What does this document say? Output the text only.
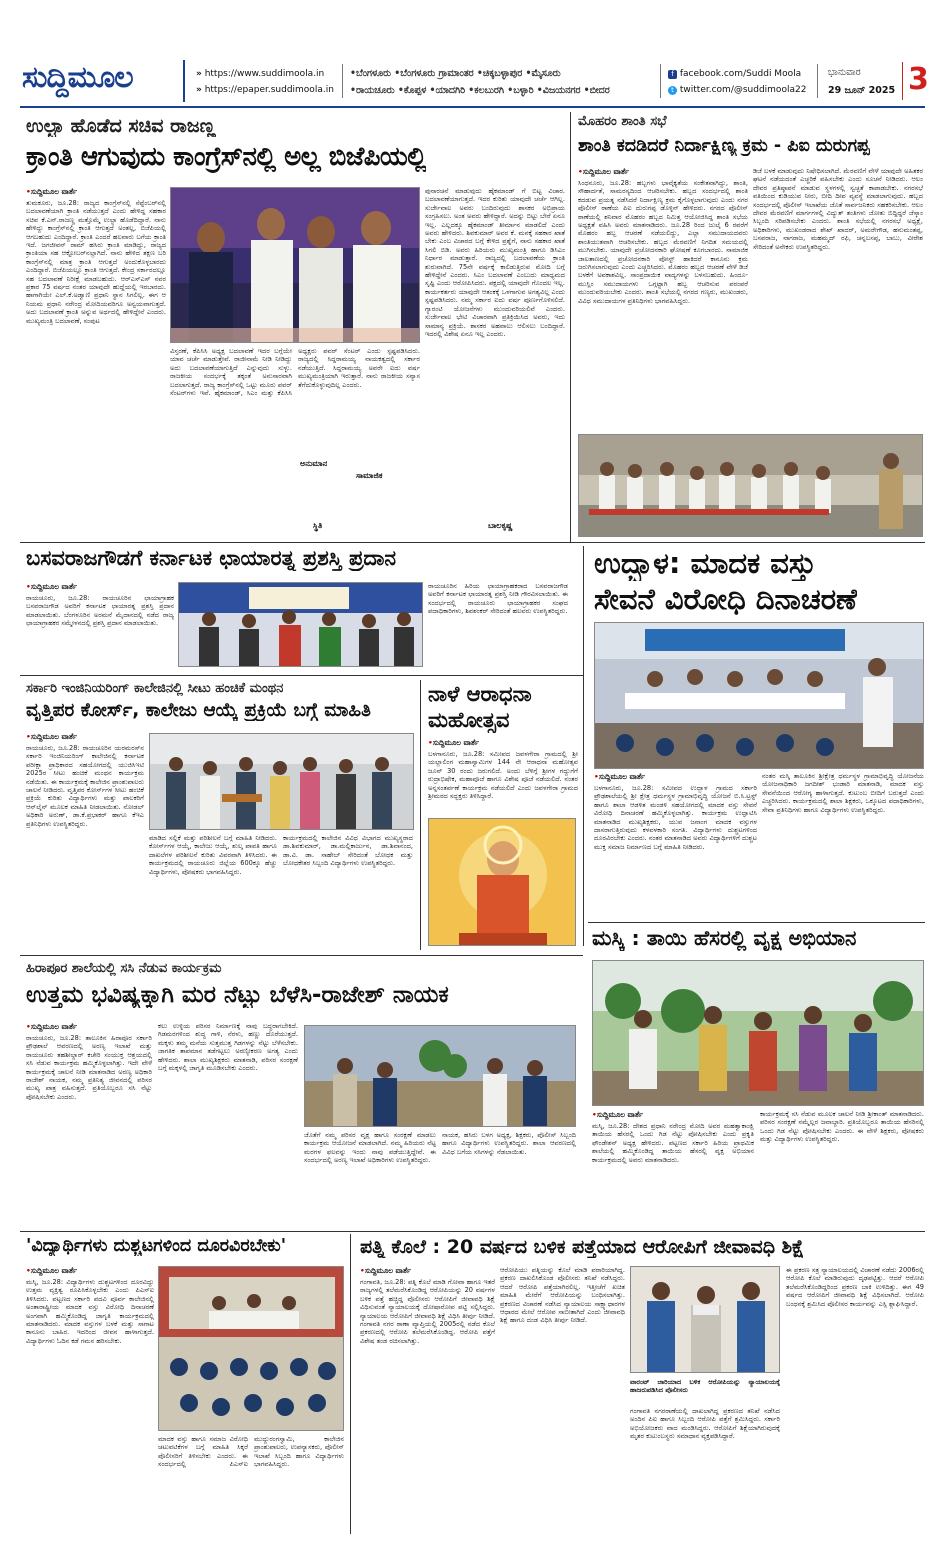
ಸುದ್ದಿಮೂಲ	» https://www.suddimoola.in
» https://epaper.suddimoola.in
•ಬೆಂಗಳೂರು •ಬೆಂಗಳೂರು ಗ್ರಾಮಾಂತರ •ಚಿಕ್ಕಬಳ್ಳಾಪುರ •ಮೈಸೂರು
•ರಾಯಚೂರು •ಕೊಪ್ಪಳ •ಯಾದಗಿರಿ •ಕಲಬುರಗಿ •ಬಳ್ಳಾರಿ •ವಿಜಯನಗರ •ಬೀದರ
f facebook.com/Suddi Moola
t twitter.com/@suddimoola22
ಭಾನುವಾರ
29 ಜೂನ್ 2025 3
ಉಲ್ಟಾ ಹೊಡೆದ ಸಚಿವ ರಾಜಣ್ಣ
ಕ್ರಾಂತಿ ಆಗುವುದು ಕಾಂಗ್ರೆಸ್‌ನಲ್ಲಿ ಅಲ್ಲ ಬಿಜೆಪಿಯಲ್ಲಿ
•ಸುದ್ದಿಮೂಲ ವಾರ್ತೆ
ತುಮಕೂರು, ಜೂ.28: ರಾಜ್ಯದ ಕಾಂಗ್ರೆಸ್‌ನಲ್ಲಿ ಸೆಪ್ಟೆಂಬರ್‌ನಲ್ಲಿ ಬದಲಾವಣೆಯಾಗಿ ಕ್ರಾಂತಿ ನಡೆಯುತ್ತದೆ ಎಂದು ಹೇಳಿದ್ದ ಸಹಕಾರ ಸಚಿವ ಕೆ.ಎನ್.ರಾಜಣ್ಣ ಮತ್ತೊಮ್ಮೆ ಉಲ್ಟಾ ಹೊಡೆದಿದ್ದಾರೆ. ನಾನು ಹೇಳಿದ್ದು ಕಾಂಗ್ರೆಸ್‌ನಲ್ಲಿ ಕ್ರಾಂತಿ ಆಗುತ್ತದೆ ಅಂತಲ್ಲ, ಬಿಜೆಪಿಯಲ್ಲಿ ಆಗಬಹುದು ಎಂದಿದ್ದಾರೆ. ಕ್ರಾಂತಿ ಎಂದರೆ ಹಲವಾರು ಬಗೆಯ ಕ್ರಾಂತಿ ಇದೆ. ಜಗಜೀವನ್ ರಾಮ್ ಹಸಿರು ಕ್ರಾಂತಿ ಮಾಡಿದ್ದು, ರಾಜ್ಯದ ಕ್ರಾಂತಿಯಾ ಸಹ ಆಕ್ಟೋಬರ್‌ನಲ್ಲಾಗಿದೆ. ನಾನು ಹೇಳಿದ ತಕ್ಷಣ ಬರಿ ಕಾಂಗ್ರೆಸ್‌ನಲ್ಲಿ ಮಾತ್ರ ಕ್ರಾಂತಿ ಆಗುತ್ತದೆ ಅಂದುಕೊಳ್ಳಬಾರದು ಎಂದಿದ್ದಾರೆ. ಬಿಜೆಪಿಯಲ್ಲೂ ಕ್ರಾಂತಿ ಆಗುತ್ತದೆ. ಕೇಂದ್ರ ಸರ್ಕಾರದಲ್ಲೂ ಸಹ ಬದಲಾವಣೆ ನಿರೀಕ್ಷೆ ಮಾಡಬಹುದು. ಆರ್‌ಎಸ್‌ಎಸ್ ನವರ ಪ್ರಕಾರ 75 ವರ್ಷದ ನಂತರ ಯಾವುದೇ ಹುದ್ದೆಯಲ್ಲಿ ಇರಬಾರದು. ಹಾಗಾಗಿಯೇ ಎಲ್.ಕೆ.ಅಡ್ವಾಣಿ ಪ್ರಧಾನಿ ಸ್ಥಾನ ಸಿಗಲಿಲ್ಲ. ಈಗ ಆ ನಿಯಮ ಪ್ರಧಾನಿ ನರೇಂದ್ರ ಮೋದಿಯವರಿಗೂ ಅನ್ವಯವಾಗುತ್ತದೆ. ಅದು ಬದಲಾವಣೆ ಕ್ರಾಂತಿ ಅನ್ನುವ ಅರ್ಥದಲ್ಲಿ ಹೇಳಿದ್ದೇನೆ ಎಂದರು. ಮುಖ್ಯಮಂತ್ರಿ ಬದಲಾವಣೆ, ಸಂಪುಟ
ಪುನಾರಚನೆ ಮಾಡುವುದು ಹೈಕಮಾಂಡ್ ಗೆ ಬಿಟ್ಟ ವಿಚಾರ. ಬದಲಾವಣೆಯಾಗುತ್ತದೆ. ಇದರ ಕುರಿತು ಯಾವುದೇ ಚರ್ಚೆ ಆಗಿಲ್ಲ. ಸುರ್ಜೇವಾಲ ಅವರು ಬಂದಿರುವುದು ಶಾಸಕರ ಅಭಿಪ್ರಾಯ ಸಂಗ್ರಹಿಸಲು. ಅಂತ ಅವರು ಹೇಳಿದ್ದಾರೆ. ಅದನ್ನು ಬಿಟ್ಟು ಬೇರೆ ಏನೂ ಇಲ್ಲ. ಎಲ್ಲದಕ್ಕೂ ಹೈಕಮಾಂಡ್ ತೀರ್ಮಾನ ಮಾಡಲಿದೆ ಎಂದು ಅವರು ಹೇಳಿದರು. ಶಿವಕುಮಾರ್ ಅವರ ಕೆ. ಮನಕ್ಕೆ ಸಹಕಾರ ಖಾತೆ ಬೇಕು ಎಂಬ ವಿಚಾರದ ಬಗ್ಗೆ ಕೇಳಿದ ಪ್ರಶ್ನೆಗೆ, ನಾನು ಸಹಕಾರ ಖಾತೆ ಸಿಗಲಿ ಬಿಡಿ. ಅವರು ಹಿರಿಯರು ಮುಖ್ಯಮಂತ್ರಿ ಹಾಗೂ ಡಿಸಿಎಂ ನಿರ್ಧಾರ ಮಾಡುತ್ತಾರೆ. ರಾಜ್ಯದಲ್ಲಿ ಬದಲಾವಣೆಯ ಕ್ರಾಂತಿ ಶುರುವಾಗಿದೆ. 75ನೇ ವರ್ಷಕ್ಕೆ ಕಾಲಿಡುತ್ತಿರುವ ಮೋದಿ ಬಗ್ಗೆ ಹೇಳಿದ್ದೇನೆ ಎಂದರು. ಸಿಎಂ ಬದಲಾವಣೆ ಎಂಬುದು ಮಾಧ್ಯಮದ ಸೃಷ್ಟಿ ಎಂದು ಆರೋಪಿಸಿದರು. ಪಕ್ಷದಲ್ಲಿ ಯಾವುದೇ ಗೊಂದಲ ಇಲ್ಲ. ಕಾರ್ಯಕರ್ತರು ಯಾವುದೇ ಆತಂಕಕ್ಕೆ ಒಳಗಾಗುವ ಅಗತ್ಯವಿಲ್ಲ ಎಂದು ಸ್ಪಷ್ಟಪಡಿಸಿದರು. ನಮ್ಮ ಸರ್ಕಾರ ಐದು ವರ್ಷ ಪೂರ್ಣಗೊಳಿಸಲಿದೆ. ಗ್ಯಾರಂಟಿ ಯೋಜನೆಗಳು ಮುಂದುವರಿಯಲಿವೆ ಎಂದರು. ಸುರ್ಜೇವಾಲ ಭೇಟಿ ವಿಚಾರವಾಗಿ ಪ್ರತಿಕ್ರಿಯಿಸಿದ ಅವರು, ಇದು ಸಾಮಾನ್ಯ ಪ್ರಕ್ರಿಯೆ. ಶಾಸಕರ ಅಹವಾಲು ಆಲಿಸಲು ಬಂದಿದ್ದಾರೆ. ಇದರಲ್ಲಿ ವಿಶೇಷ ಏನೂ ಇಲ್ಲ ಎಂದರು.
ವಿಸ್ತರಣೆ, ಕೆಪಿಸಿಸಿ ಅಧ್ಯಕ್ಷ ಬದಲಾವಣೆ ಇದರ ಬಗ್ಗೆಯೇ ಯಾವ ಚರ್ಚೆ ಮಾಡುತ್ತೇವೆ. ರಾಜೀನಾಮೆ ನೀಡಿ ನೀಡಿದ್ದು ಅದು ಬದಲಾವಣೆಯಾಗುತ್ತಿದೆ ಎನ್ನುವುದು ಸುಳ್ಳು. ರಾಜಕೀಯ ಸಂದರ್ಭಕ್ಕೆ ತಕ್ಕಂತೆ ಅನುಸಾರವಾಗಿ ಬದಲಾಗುತ್ತದೆ. ರಾಜ್ಯ ಕಾಂಗ್ರೆಸ್‌ನಲ್ಲಿ ಒಟ್ಟು ಮೂರು ಪವರ್ ಸೆಂಟರ್‌ಗಳು ಇವೆ. ಹೈಕಮಾಂಡ್, ಸಿಎಂ ಮತ್ತು ಕೆಪಿಸಿಸಿ ಅಧ್ಯಕ್ಷರು ಪವರ್ ಸೆಂಟರ್ ಎಂದು ಸ್ಪಷ್ಟಪಡಿಸಿದರು. ರಾಜ್ಯದಲ್ಲಿ ಸಿದ್ದರಾಮಯ್ಯ ನಾಯಕತ್ವದಲ್ಲಿ ಸರ್ಕಾರ ನಡೆಯುತ್ತಿದೆ. ಸಿದ್ದರಾಮಯ್ಯ ಅವರೇ ಐದು ವರ್ಷ ಮುಖ್ಯಮಂತ್ರಿಯಾಗಿ ಇರುತ್ತಾರೆ. ನಾನು ರಾಜಕೀಯ ಸನ್ಯಾಸ ತೆಗೆದುಕೊಳ್ಳುವುದಿಲ್ಲ ಎಂದರು.
ಅನುಮಾನ
ಸಾಮಾಜಿಕ
ಸ್ಥಿತಿ	ಬಾಲಕೃಷ್ಣ
ಮೊಹರಂ ಶಾಂತಿ ಸಭೆ
ಶಾಂತಿ ಕದಡಿದರೆ ನಿರ್ದಾಕ್ಷಿಣ್ಯ ಕ್ರಮ - ಪಿಐ ದುರುಗಪ್ಪ
•ಸುದ್ದಿಮೂಲ ವಾರ್ತೆ
ಸಿಂಧನೂರು, ಜೂ.28: ಹಬ್ಬಗಳು ಭಾವೈಕ್ಯತೆಯ ಸಂಕೇತವಾಗಿದ್ದು, ಶಾಂತಿ, ಸೌಹಾರ್ದತೆ, ಸಾಮರಸ್ಯದಿಂದ ಆಚರಿಸಬೇಕು. ಹಬ್ಬದ ಸಂದರ್ಭದಲ್ಲಿ ಶಾಂತಿ ಕದಡುವ ಪ್ರಯತ್ನ ನಡೆಸಿದರೆ ನಿರ್ದಾಕ್ಷಿಣ್ಯ ಕ್ರಮ ಕೈಗೊಳ್ಳಲಾಗುವುದು ಎಂದು ನಗರ ಪೊಲೀಸ್ ಠಾಣೆಯ ಪಿಐ ದುರುಗಪ್ಪ ಡೊಳ್ಳಿನ್ ಹೇಳಿದರು. ನಗರದ ಪೊಲೀಸ್ ಠಾಣೆಯಲ್ಲಿ ಶನಿವಾರ ಮೊಹರಂ ಹಬ್ಬದ ನಿಮಿತ್ತ ಆಯೋಜಿಸಿದ್ದ ಶಾಂತಿ ಸಭೆಯ ಅಧ್ಯಕ್ಷತೆ ವಹಿಸಿ ಅವರು ಮಾತನಾಡಿದರು. ಜೂ.28 ರಿಂದ ಜುಲೈ 6 ರವರೆಗೆ ಮೊಹರಂ ಹಬ್ಬ ಆಚರಣೆ ನಡೆಯಲಿದ್ದು, ಎಲ್ಲಾ ಸಮುದಾಯದವರು ಶಾಂತಿಯುತವಾಗಿ ಆಚರಿಸಬೇಕು. ಹಬ್ಬದ ಮೆರವಣಿಗೆ ನಿಗದಿತ ಸಮಯದಲ್ಲಿ ಮುಗಿಸಬೇಕು. ಯಾವುದೇ ಪ್ರಚೋದನಕಾರಿ ಘೋಷಣೆ ಕೂಗಬಾರದು. ಸಾಮಾಜಿಕ ಜಾಲತಾಣದಲ್ಲಿ ಪ್ರಚೋದನಕಾರಿ ಪೋಸ್ಟ್ ಹಾಕಿದರೆ ಕಾನೂನು ಕ್ರಮ ಜರುಗಿಸಲಾಗುವುದು ಎಂದು ಎಚ್ಚರಿಸಿದರು. ಮೊಹರಂ ಹಬ್ಬದ ಆಚರಣೆ ವೇಳೆ ಡಿಜೆ ಬಳಕೆಗೆ ಅವಕಾಶವಿಲ್ಲ. ಸಾಂಪ್ರದಾಯಿಕ ವಾದ್ಯಗಳನ್ನು ಬಳಸಬಹುದು. ಹಿಂದೂ-ಮುಸ್ಲಿಂ ಸಮುದಾಯಗಳು ಒಗ್ಗಟ್ಟಾಗಿ ಹಬ್ಬ ಆಚರಿಸುವ ಪರಂಪರೆ ಮುಂದುವರಿಯಬೇಕು ಎಂದರು. ಶಾಂತಿ ಸಭೆಯಲ್ಲಿ ನಗರದ ಗಣ್ಯರು, ಮುಖಂಡರು, ವಿವಿಧ ಸಮುದಾಯಗಳ ಪ್ರತಿನಿಧಿಗಳು ಭಾಗವಹಿಸಿದ್ದರು.
ಡಿಜೆ ಬಳಕೆ ಮಾಡುವುದು ನಿಷೇಧಿಸಲಾಗಿದೆ. ಮೆರವಣಿಗೆ ವೇಳೆ ಯಾವುದೇ ಅಹಿತಕರ ಘಟನೆ ನಡೆಯದಂತೆ ಎಚ್ಚರಿಕೆ ವಹಿಸಬೇಕು ಎಂದು ಸೂಚನೆ ನೀಡಿದರು. ಆಲಂ ದೇವರ ಪ್ರತಿಷ್ಠಾಪನೆ ಮಾಡುವ ಸ್ಥಳಗಳಲ್ಲಿ ಸ್ವಚ್ಛತೆ ಕಾಪಾಡಬೇಕು. ನಗರಸಭೆ ವತಿಯಿಂದ ಕುಡಿಯುವ ನೀರು, ಬೀದಿ ದೀಪ ವ್ಯವಸ್ಥೆ ಮಾಡಲಾಗುವುದು. ಹಬ್ಬದ ಸಂದರ್ಭದಲ್ಲಿ ಪೊಲೀಸ್ ಇಲಾಖೆಯ ಜೊತೆ ಸಾರ್ವಜನಿಕರು ಸಹಕರಿಸಬೇಕು. ಆಲಂ ದೇವರ ಮೆರವಣಿಗೆ ಮಾರ್ಗಗಳಲ್ಲಿ ವಿದ್ಯುತ್ ತಂತಿಗಳು ಜೋತು ಬಿದ್ದಿದ್ದರೆ ಜೆಸ್ಕಾಂ ಸಿಬ್ಬಂದಿ ಸರಿಪಡಿಸಬೇಕು ಎಂದರು. ಶಾಂತಿ ಸಭೆಯಲ್ಲಿ ನಗರಸಭೆ ಅಧ್ಯಕ್ಷೆ, ಅಧಿಕಾರಿಗಳು, ಮುಖಂಡರಾದ ಶೇಖ್ ಖಾದರ್, ಅಮರೇಗೌಡ, ಹನುಮಂತಪ್ಪ, ಬಸವರಾಜ, ನಾಗರಾಜ, ಮಹಮ್ಮದ್ ರಫಿ, ಚನ್ನಬಸಪ್ಪ, ಬಾಬು, ವೀರೇಶ ಸೇರಿದಂತೆ ಅನೇಕರು ಉಪಸ್ಥಿತರಿದ್ದರು.
ಬಸವರಾಜಗೌಡಗೆ ಕರ್ನಾಟಕ ಛಾಯಾರತ್ನ ಪ್ರಶಸ್ತಿ ಪ್ರದಾನ
•ಸುದ್ದಿಮೂಲ ವಾರ್ತೆ
ರಾಯಚೂರು, ಜೂ.28: ರಾಯಚೂರಿನ ಛಾಯಾಗ್ರಾಹಕ ಬಸವರಾಜಗೌಡ ಅವರಿಗೆ ಕರ್ನಾಟಕ ಛಾಯಾರತ್ನ ಪ್ರಶಸ್ತಿ ಪ್ರದಾನ ಮಾಡಲಾಯಿತು. ಬೆಂಗಳೂರಿನ ಅರಮನೆ ಮೈದಾನದಲ್ಲಿ ನಡೆದ ರಾಜ್ಯ ಛಾಯಾಗ್ರಾಹಕರ ಸಮ್ಮೇಳನದಲ್ಲಿ ಪ್ರಶಸ್ತಿ ಪ್ರದಾನ ಮಾಡಲಾಯಿತು.
ರಾಯಚೂರಿನ ಹಿರಿಯ ಛಾಯಾಗ್ರಾಹಕರಾದ ಬಸವರಾಜಗೌಡ ಅವರಿಗೆ ಕರ್ನಾಟಕ ಛಾಯಾರತ್ನ ಪ್ರಶಸ್ತಿ ನೀಡಿ ಗೌರವಿಸಲಾಯಿತು. ಈ ಸಂದರ್ಭದಲ್ಲಿ ರಾಯಚೂರು ಛಾಯಾಗ್ರಾಹಕರ ಸಂಘದ ಪದಾಧಿಕಾರಿಗಳು, ಶಿವಶಂಕರ್ ಸೇರಿದಂತೆ ಹಲವರು ಉಪಸ್ಥಿತರಿದ್ದರು.
ಉದ್ಬಾಳ: ಮಾದಕ ವಸ್ತು
ಸೇವನೆ ವಿರೋಧಿ ದಿನಾಚರಣೆ
•ಸುದ್ದಿಮೂಲ ವಾರ್ತೆ
ಬಳಗಾನೂರು, ಜೂ.28: ಸಮೀಪದ ಉದ್ಬಾಳ ಗ್ರಾಮದ ಸರ್ಕಾರಿ ಪ್ರೌಢಶಾಲೆಯಲ್ಲಿ ಶ್ರೀ ಕ್ಷೇತ್ರ ಧರ್ಮಸ್ಥಳ ಗ್ರಾಮಾಭಿವೃದ್ಧಿ ಯೋಜನೆ ಬಿ.ಸಿ.ಟ್ರಸ್ಟ್ ಹಾಗೂ ಶಾಲಾ ಆಡಳಿತ ಮಂಡಳಿ ಸಹಯೋಗದಲ್ಲಿ ಮಾದಕ ವಸ್ತು ಸೇವನೆ ವಿರೋಧಿ ದಿನಾಚರಣೆ ಹಮ್ಮಿಕೊಳ್ಳಲಾಗಿತ್ತು. ಕಾರ್ಯಕ್ರಮ ಉದ್ಘಾಟಿಸಿ ಮಾತನಾಡಿದ ಮುಖ್ಯಶಿಕ್ಷಕರು, ಯುವ ಜನಾಂಗ ಮಾದಕ ವಸ್ತುಗಳ ದಾಸರಾಗುತ್ತಿರುವುದು ಕಳವಳಕಾರಿ ಸಂಗತಿ. ವಿದ್ಯಾರ್ಥಿಗಳು ದುಶ್ಚಟಗಳಿಂದ ದೂರವಿರಬೇಕು ಎಂದರು. ನಂತರ ಮಾತನಾಡಿದ ಅವರು ವಿದ್ಯಾರ್ಥಿಗಳಿಗೆ ದುಶ್ಚಟ ಮುಕ್ತ ಸಮಾಜ ನಿರ್ಮಾಣದ ಬಗ್ಗೆ ಮಾಹಿತಿ ನೀಡಿದರು.
ನಂತರ ಮಸ್ಕಿ ತಾಲೂಕಿನ ಶ್ರೀಕ್ಷೇತ್ರ ಧರ್ಮಸ್ಥಳ ಗ್ರಾಮಾಭಿವೃದ್ಧಿ ಯೋಜನೆಯ ಯೋಜನಾಧಿಕಾರಿ ಜಗದೀಶ್ ಭಂಡಾರಿ ಮಾತನಾಡಿ, ಮಾದಕ ವಸ್ತು ಸೇವನೆಯಿಂದ ಆರೋಗ್ಯ ಹಾಳಾಗುತ್ತದೆ. ಕುಟುಂಬ ಬೀದಿಗೆ ಬರುತ್ತದೆ ಎಂದು ಎಚ್ಚರಿಸಿದರು. ಕಾರ್ಯಕ್ರಮದಲ್ಲಿ ಶಾಲಾ ಶಿಕ್ಷಕರು, ಒಕ್ಕೂಟದ ಪದಾಧಿಕಾರಿಗಳು, ಸೇವಾ ಪ್ರತಿನಿಧಿಗಳು ಹಾಗೂ ವಿದ್ಯಾರ್ಥಿಗಳು ಉಪಸ್ಥಿತರಿದ್ದರು.
ಸರ್ಕಾರಿ ಇಂಜಿನಿಯರಿಂಗ್ ಕಾಲೇಜಿನಲ್ಲಿ ಸೀಟು ಹಂಚಿಕೆ ಮಂಥನ
ವೃತ್ತಿಪರ ಕೋರ್ಸ್, ಕಾಲೇಜು ಆಯ್ಕೆ ಪ್ರಕ್ರಿಯೆ ಬಗ್ಗೆ ಮಾಹಿತಿ
•ಸುದ್ದಿಮೂಲ ವಾರ್ತೆ
ರಾಯಚೂರು, ಜೂ.28: ರಾಯಚೂರಿನ ಯರಮರಸ್‌ನ ಸರ್ಕಾರಿ ಇಂಜಿನಿಯರಿಂಗ್ ಕಾಲೇಜಿನಲ್ಲಿ ಕರ್ನಾಟಕ ಪರೀಕ್ಷಾ ಪ್ರಾಧಿಕಾರದ ಸಹಯೋಗದಲ್ಲಿ ಯುಜಿಸಿಇಟಿ 2025ರ ಸೀಟು ಹಂಚಿಕೆ ಮಂಥನ ಕಾರ್ಯಕ್ರಮ ನಡೆಯಿತು. ಈ ಕಾರ್ಯಕ್ರಮಕ್ಕೆ ಕಾಲೇಜಿನ ಪ್ರಾಂಶುಪಾಲರು ಚಾಲನೆ ನೀಡಿದರು. ವೃತ್ತಿಪರ ಕೋರ್ಸ್‌ಗಳ ಸೀಟು ಹಂಚಿಕೆ ಪ್ರಕ್ರಿಯೆ ಕುರಿತು ವಿದ್ಯಾರ್ಥಿಗಳು ಮತ್ತು ಪಾಲಕರಿಗೆ ಆನ್‌ಲೈನ್ ಮೂಲಕ ಮಾಹಿತಿ ನೀಡಲಾಯಿತು. ನೋಡಲ್ ಅಧಿಕಾರಿ ಅರುಣ್, ಡಾ.ಕೆ.ಪ್ರಭಾಕರ್ ಹಾಗೂ ಕೆಇಎ ಪ್ರತಿನಿಧಿಗಳು ಉಪಸ್ಥಿತರಿದ್ದರು.
ಮಾಡಿದ ಸಲ್ಲಿಕೆ ಮತ್ತು ಪರಿಶೀಲನೆ ಬಗ್ಗೆ ಮಾಹಿತಿ ನೀಡಿದರು. ಕೋರ್ಸ್‌ಗಳ ಆಯ್ಕೆ, ಕಾಲೇಜು ಆಯ್ಕೆ, ಶುಲ್ಕ ಪಾವತಿ ಹಾಗೂ ದಾಖಲೆಗಳ ಪರಿಶೀಲನೆ ಕುರಿತು ವಿವರವಾಗಿ ತಿಳಿಸಿದರು. ಈ ಕಾರ್ಯಕ್ರಮದಲ್ಲಿ ರಾಯಚೂರು ಜಿಲ್ಲೆಯ 600ಕ್ಕೂ ಹೆಚ್ಚು ವಿದ್ಯಾರ್ಥಿಗಳು, ಪೋಷಕರು ಭಾಗವಹಿಸಿದ್ದರು.
ಕಾರ್ಯಕ್ರಮದಲ್ಲಿ ಕಾಲೇಜಿನ ವಿವಿಧ ವಿಭಾಗದ ಮುಖ್ಯಸ್ಥರಾದ ಡಾ.ಶಿವಕುಮಾರ್, ಡಾ.ಮಲ್ಲಿಕಾರ್ಜುನ, ಡಾ.ಶಿವಾನಂದ, ಡಾ.ವಿ. ಡಾ. ಸಾಹೇಬ್ ಸೇರಿದಂತೆ ಬೋಧಕ ಮತ್ತು ಬೋಧಕೇತರ ಸಿಬ್ಬಂದಿ ವಿದ್ಯಾರ್ಥಿಗಳು ಉಪಸ್ಥಿತರಿದ್ದರು.
ನಾಳೆ ಆರಾಧನಾ
ಮಹೋತ್ಸವ
•ಸುದ್ದಿಮೂಲ ವಾರ್ತೆ
ಬಳಗಾನೂರು, ಜೂ.28: ಸಮೀಪದ ಜವಳಗೇರಾ ಗ್ರಾಮದಲ್ಲಿ ಶ್ರೀ ಯಲ್ಲಾಲಿಂಗ ಮಹಾಸ್ವಾಮಿಗಳ 144 ನೇ ಆರಾಧನಾ ಮಹೋತ್ಸವ ಜೂನ್ 30 ರಂದು ಜರುಗಲಿದೆ. ಅಂದು ಬೆಳಿಗ್ಗೆ ಶ್ರೀಗಳ ಗದ್ದುಗೆಗೆ ರುದ್ರಾಭಿಷೇಕ, ಮಹಾಪೂಜೆ ಹಾಗೂ ವಿಶೇಷ ಪೂಜೆ ನಡೆಯಲಿದೆ. ನಂತರ ಅನ್ನಸಂತರ್ಪಣೆ ಕಾರ್ಯಕ್ರಮ ನಡೆಯಲಿದೆ ಎಂದು ಜವಳಗೇರಾ ಗ್ರಾಮದ ಶ್ರೀಮಠದ ಸದ್ಭಕ್ತರು ತಿಳಿಸಿದ್ದಾರೆ.
ಮಸ್ಕಿ : ತಾಯಿ ಹೆಸರಲ್ಲಿ ವೃಕ್ಷ ಅಭಿಯಾನ
•ಸುದ್ದಿಮೂಲ ವಾರ್ತೆ
ಮಸ್ಕಿ, ಜೂ.28: ದೇಶದ ಪ್ರಧಾನಿ ನರೇಂದ್ರ ಮೋದಿ ಅವರ ಮಹತ್ವಾಕಾಂಕ್ಷಿ ತಾಯಿಯ ಹೆಸರಲ್ಲಿ ಒಂದು ಗಿಡ ನೆಟ್ಟು ಪೋಷಿಸಬೇಕು ಎಂದು ಪ್ರಕೃತಿ ಫೌಂಡೇಶನ್ ಅಧ್ಯಕ್ಷ ಹೇಳಿದರು. ಪಟ್ಟಣದ ಸರ್ಕಾರಿ ಹಿರಿಯ ಪ್ರಾಥಮಿಕ ಶಾಲೆಯಲ್ಲಿ ಹಮ್ಮಿಕೊಂಡಿದ್ದ ತಾಯಿಯ ಹೆಸರಲ್ಲಿ ವೃಕ್ಷ ಅಭಿಯಾನ ಕಾರ್ಯಕ್ರಮದಲ್ಲಿ ಅವರು ಮಾತನಾಡಿದರು.
ಕಾರ್ಯಕ್ರಮಕ್ಕೆ ಸಸಿ ನೆಡುವ ಮೂಲಕ ಚಾಲನೆ ನೀಡಿ ಶ್ರೀಕಾಂತ್ ಮಾತನಾಡಿದರು. ಪರಿಸರ ಸಂರಕ್ಷಣೆ ನಮ್ಮೆಲ್ಲರ ಜವಾಬ್ದಾರಿ. ಪ್ರತಿಯೊಬ್ಬರೂ ತಾಯಿಯ ಹೆಸರಿನಲ್ಲಿ ಒಂದು ಗಿಡ ನೆಟ್ಟು ಪೋಷಿಸಬೇಕು ಎಂದರು. ಈ ವೇಳೆ ಶಿಕ್ಷಕರು, ಪೋಷಕರು ಮತ್ತು ವಿದ್ಯಾರ್ಥಿಗಳು ಉಪಸ್ಥಿತರಿದ್ದರು.
ಹಿರಾಪೂರ ಶಾಲೆಯಲ್ಲಿ ಸಸಿ ನೆಡುವ ಕಾರ್ಯಕ್ರಮ
ಉತ್ತಮ ಭವಿಷ್ಯಕ್ಕಾಗಿ ಮರ ನೆಟ್ಟು ಬೆಳೆಸಿ-ರಾಜೇಶ್ ನಾಯಕ
•ಸುದ್ದಿಮೂಲ ವಾರ್ತೆ
ರಾಯಚೂರು, ಜೂ.28: ತಾಲೂಕಿನ ಹಿರಾಪೂರ ಸರ್ಕಾರಿ ಪ್ರೌಢಶಾಲೆ ಆವರಣದಲ್ಲಿ ಅರಣ್ಯ ಇಲಾಖೆ ಮತ್ತು ರಾಯಚೂರು ತಹಶೀಲ್ದಾರ್ ಕಚೇರಿ ಸಂಯುಕ್ತ ಆಶ್ರಯದಲ್ಲಿ ಸಸಿ ನೆಡುವ ಕಾರ್ಯಕ್ರಮ ಹಮ್ಮಿಕೊಳ್ಳಲಾಗಿತ್ತು. ಇದೇ ವೇಳೆ ಕಾರ್ಯಕ್ರಮಕ್ಕೆ ಚಾಲನೆ ನೀಡಿ ಮಾತನಾಡಿದ ಅರಣ್ಯ ಅಧಿಕಾರಿ ರಾಜೇಶ್ ನಾಯಕ, ನಮ್ಮ ಪ್ರತಿನಿತ್ಯ ಜೀವನದಲ್ಲಿ ಪರಿಸರ ಮುಖ್ಯ ಪಾತ್ರ ವಹಿಸುತ್ತದೆ. ಪ್ರತಿಯೊಬ್ಬರೂ ಸಸಿ ನೆಟ್ಟು ಪೋಷಿಸಬೇಕು ಎಂದರು.
ಕಲು ಉಳ್ಳಿಯ ಪರಿಸರ ನಿರ್ಮಾಣಕ್ಕೆ ನಾವು ಬದ್ಧರಾಗಬೇಕಿದೆ. ಗಿಡಮರಗಳಿಂದ ಶುದ್ಧ ಗಾಳಿ, ನೆರಳು, ಹಣ್ಣು ದೊರೆಯುತ್ತದೆ. ಮಕ್ಕಳು ತಮ್ಮ ಮನೆಯ ಸುತ್ತಮುತ್ತ ಗಿಡಗಳನ್ನು ನೆಟ್ಟು ಬೆಳೆಸಬೇಕು. ಜಾಗತಿಕ ತಾಪಮಾನ ತಡೆಗಟ್ಟಲು ಅರಣ್ಯೀಕರಣ ಅಗತ್ಯ ಎಂದು ಹೇಳಿದರು. ಶಾಲಾ ಮುಖ್ಯಶಿಕ್ಷಕರು ಮಾತನಾಡಿ, ಪರಿಸರ ಸಂರಕ್ಷಣೆ ಬಗ್ಗೆ ಮಕ್ಕಳಲ್ಲಿ ಜಾಗೃತಿ ಮೂಡಿಸಬೇಕು ಎಂದರು.
ಜೊತೆಗೆ ನಮ್ಮ ಪರಿಸರ ವೃಕ್ಷ ಹಾಗೂ ಸಂರಕ್ಷಣೆ ಮಾಡಲು ಕಾರ್ಯಕ್ರಮ ಆಯೋಜನೆ ಮಾಡಲಾಗಿದೆ. ನಮ್ಮ ಹಿರಿಯರು ನೆಟ್ಟ ಮರಗಳ ಫಲವನ್ನು ಇಂದು ನಾವು ಪಡೆಯುತ್ತಿದ್ದೇವೆ. ಈ ಸಂದರ್ಭದಲ್ಲಿ ಅರಣ್ಯ ಇಲಾಖೆ ಅಧಿಕಾರಿಗಳು ಉಪಸ್ಥಿತರಿದ್ದರು.
ನಾಯಕ, ಹಸಿರು ಬಳಗ ಅಧ್ಯಕ್ಷ, ಶಿಕ್ಷಕರು, ಪೊಲೀಸ್ ಸಿಬ್ಬಂದಿ ಹಾಗೂ ವಿದ್ಯಾರ್ಥಿಗಳು ಉಪಸ್ಥಿತರಿದ್ದರು. ಶಾಲಾ ಆವರಣದಲ್ಲಿ ವಿವಿಧ ಬಗೆಯ ಸಸಿಗಳನ್ನು ನೆಡಲಾಯಿತು.
'ವಿದ್ಯಾರ್ಥಿಗಳು ದುಶ್ಚಟಗಳಿಂದ ದೂರವಿರಬೇಕು'
•ಸುದ್ದಿಮೂಲ ವಾರ್ತೆ
ಮಸ್ಕಿ, ಜೂ.28: ವಿದ್ಯಾರ್ಥಿಗಳು ದುಶ್ಚಟಗಳಿಂದ ದೂರವಿದ್ದು ಉತ್ತಮ ವ್ಯಕ್ತಿತ್ವ ರೂಪಿಸಿಕೊಳ್ಳಬೇಕು ಎಂದು ಪಿಎಸ್‌ಐ ತಿಳಿಸಿದರು. ಪಟ್ಟಣದ ಸರ್ಕಾರಿ ಪದವಿ ಪೂರ್ವ ಕಾಲೇಜಿನಲ್ಲಿ ಅಂತಾರಾಷ್ಟ್ರೀಯ ಮಾದಕ ವಸ್ತು ವಿರೋಧಿ ದಿನಾಚರಣೆ ಅಂಗವಾಗಿ ಹಮ್ಮಿಕೊಂಡಿದ್ದ ಜಾಗೃತಿ ಕಾರ್ಯಕ್ರಮದಲ್ಲಿ ಮಾತನಾಡಿದರು. ಮಾದಕ ವಸ್ತುಗಳ ಬಳಕೆ ಮತ್ತು ಸಾಗಾಟ ಕಾನೂನು ಬಾಹಿರ. ಇದರಿಂದ ಜೀವನ ಹಾಳಾಗುತ್ತದೆ. ವಿದ್ಯಾರ್ಥಿಗಳು ಓದಿನ ಕಡೆ ಗಮನ ಹರಿಸಬೇಕು.
ಮಾದಕ ವಸ್ತು ಹಾಗೂ ಸಮಾಜ ವಿರೋಧಿ ಚಟುವಟಿಕೆಗಳ ಬಗ್ಗೆ ಮಾಹಿತಿ ಸಿಕ್ಕರೆ ಪೊಲೀಸರಿಗೆ ತಿಳಿಸಬೇಕು ಎಂದರು. ಈ ಸಂದರ್ಭದಲ್ಲಿ ಪಿಎಸ್‌ಐ ಮುದ್ದುರಂಗಸ್ವಾಮಿ, ಕಾಲೇಜಿನ ಪ್ರಾಂಶುಪಾಲರು, ಉಪನ್ಯಾಸಕರು, ಪೊಲೀಸ್ ಇಲಾಖೆ ಸಿಬ್ಬಂದಿ ಹಾಗೂ ವಿದ್ಯಾರ್ಥಿಗಳು ಭಾಗವಹಿಸಿದ್ದರು.
ಪತ್ನಿ ಕೊಲೆ : 20 ವರ್ಷದ ಬಳಿಕ ಪತ್ತೆಯಾದ ಆರೋಪಿಗೆ ಜೀವಾವಧಿ ಶಿಕ್ಷೆ
•ಸುದ್ದಿಮೂಲ ವಾರ್ತೆ
ಗಂಗಾವತಿ, ಜೂ.28: ಪತ್ನಿ ಕೊಲೆ ಮಾಡಿ ಗೋವಾ ಹಾಗೂ ಇತರೆ ರಾಜ್ಯಗಳಲ್ಲಿ ತಲೆಮರೆಸಿಕೊಂಡಿದ್ದ ಆರೋಪಿಯನ್ನು 20 ವರ್ಷಗಳ ಬಳಿಕ ಪತ್ತೆ ಹಚ್ಚಿದ್ದ ಪೊಲೀಸರು ಆರೋಪಿಗೆ ಜೀವಾವಧಿ ಶಿಕ್ಷೆ ವಿಧಿಸುವಂತೆ ನ್ಯಾಯಾಲಯಕ್ಕೆ ದೋಷಾರೋಪ ಪಟ್ಟಿ ಸಲ್ಲಿಸಿದ್ದರು. ನ್ಯಾಯಾಲಯ ಆರೋಪಿಗೆ ಜೀವಾವಧಿ ಶಿಕ್ಷೆ ವಿಧಿಸಿ ತೀರ್ಪು ನೀಡಿದೆ. ಗಂಗಾವತಿ ನಗರ ಠಾಣಾ ವ್ಯಾಪ್ತಿಯಲ್ಲಿ 2005ರಲ್ಲಿ ನಡೆದ ಕೊಲೆ ಪ್ರಕರಣದಲ್ಲಿ ಆರೋಪಿ ತಲೆಮರೆಸಿಕೊಂಡಿದ್ದ. ಆರೋಪಿ ಪತ್ತೆಗೆ ವಿಶೇಷ ತಂಡ ರಚಿಸಲಾಗಿತ್ತು.
ಆರೋಪಿಯು ಪತ್ನಿಯನ್ನು ಕೊಲೆ ಮಾಡಿ ಪರಾರಿಯಾಗಿದ್ದ. ಪ್ರಕರಣ ದಾಖಲಿಸಿಕೊಂಡ ಪೊಲೀಸರು ತನಿಖೆ ನಡೆಸಿದ್ದರು. ಆದರೆ ಆರೋಪಿ ಪತ್ತೆಯಾಗಿರಲಿಲ್ಲ. ಇತ್ತೀಚೆಗೆ ಖಚಿತ ಮಾಹಿತಿ ಮೇರೆಗೆ ಆರೋಪಿಯನ್ನು ಬಂಧಿಸಲಾಗಿತ್ತು. ಪ್ರಕರಣದ ವಿಚಾರಣೆ ನಡೆಸಿದ ನ್ಯಾಯಾಲಯ ಸಾಕ್ಷ್ಯಾಧಾರಗಳ ಆಧಾರದ ಮೇಲೆ ಆರೋಪ ಸಾಬೀತಾಗಿದೆ ಎಂದು ಜೀವಾವಧಿ ಶಿಕ್ಷೆ ಹಾಗೂ ದಂಡ ವಿಧಿಸಿ ತೀರ್ಪು ನೀಡಿದೆ.
ವಾರಂಟ್ ಜಾರಿಯಾದ ಬಳಿಕ ಆರೋಪಿಯನ್ನು ನ್ಯಾಯಾಲಯಕ್ಕೆ ಹಾಜರುಪಡಿಸಿದ ಪೊಲೀಸರು
ಗಂಗಾವತಿ ನಗರಠಾಣೆಯಲ್ಲಿ ದಾಖಲಾಗಿದ್ದ ಪ್ರಕರಣದ ತನಿಖೆ ನಡೆಸಿದ ಅಂದಿನ ಪಿಐ ಹಾಗೂ ಸಿಬ್ಬಂದಿ ಆರೋಪಿ ಪತ್ತೆಗೆ ಶ್ರಮಿಸಿದ್ದರು. ಸರ್ಕಾರಿ ಅಭಿಯೋಜಕರು ವಾದ ಮಂಡಿಸಿದ್ದರು. ಆರೋಪಿಗೆ ಶಿಕ್ಷೆಯಾಗಿರುವುದಕ್ಕೆ ಮೃತರ ಕುಟುಂಬಸ್ಥರು ಸಮಾಧಾನ ವ್ಯಕ್ತಪಡಿಸಿದ್ದಾರೆ.
ಈ ಪ್ರಕರಣ ಸತ್ರ ನ್ಯಾಯಾಲಯದಲ್ಲಿ ವಿಚಾರಣೆ ನಡೆದು 2006ರಲ್ಲಿ ಆರೋಪಿ ಕೊಲೆ ಮಾಡಿರುವುದು ದೃಢಪಟ್ಟಿತ್ತು. ಆದರೆ ಆರೋಪಿ ತಲೆಮರೆಸಿಕೊಂಡಿದ್ದರಿಂದ ಪ್ರಕರಣ ಬಾಕಿ ಉಳಿದಿತ್ತು. ಈಗ 49 ವರ್ಷದ ಆರೋಪಿಗೆ ಜೀವಾವಧಿ ಶಿಕ್ಷೆ ವಿಧಿಸಲಾಗಿದೆ. ಆರೋಪಿ ಬಂಧನಕ್ಕೆ ಶ್ರಮಿಸಿದ ಪೊಲೀಸರ ಕಾರ್ಯವನ್ನು ಎಸ್ಪಿ ಶ್ಲಾಘಿಸಿದ್ದಾರೆ.
